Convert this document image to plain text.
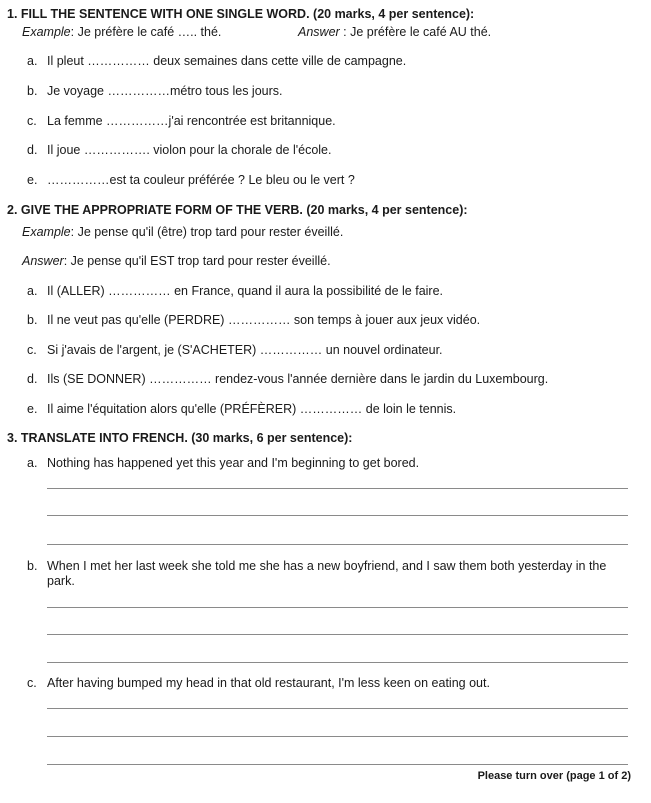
1. FILL THE SENTENCE WITH ONE SINGLE WORD. (20 marks, 4 per sentence):
Example: Je préfère le café ….. thé.	Answer : Je préfère le café AU thé.
a. Il pleut …………… deux semaines dans cette ville de campagne.
b. Je voyage ……………métro tous les jours.
c. La femme ……………j'ai rencontrée est britannique.
d. Il joue ……………. violon pour la chorale de l'école.
e. ……………est ta couleur préférée ? Le bleu ou le vert ?
2. GIVE THE APPROPRIATE FORM OF THE VERB. (20 marks, 4 per sentence):
Example: Je pense qu'il (être) trop tard pour rester éveillé.
Answer: Je pense qu'il EST trop tard pour rester éveillé.
a. Il (ALLER) …………… en France, quand il aura la possibilité de le faire.
b. Il ne veut pas qu'elle (PERDRE) …………… son temps à jouer aux jeux vidéo.
c. Si j'avais de l'argent, je (S'ACHETER) …………… un nouvel ordinateur.
d. Ils (SE DONNER) …………… rendez-vous l'année dernière dans le jardin du Luxembourg.
e. Il aime l'équitation alors qu'elle (PRÉFÈRER) …………… de loin le tennis.
3. TRANSLATE INTO FRENCH. (30 marks, 6 per sentence):
a. Nothing has happened yet this year and I'm beginning to get bored.
b. When I met her last week she told me she has a new boyfriend, and I saw them both yesterday in the park.
c. After having bumped my head in that old restaurant, I'm less keen on eating out.
Please turn over (page 1 of 2)
